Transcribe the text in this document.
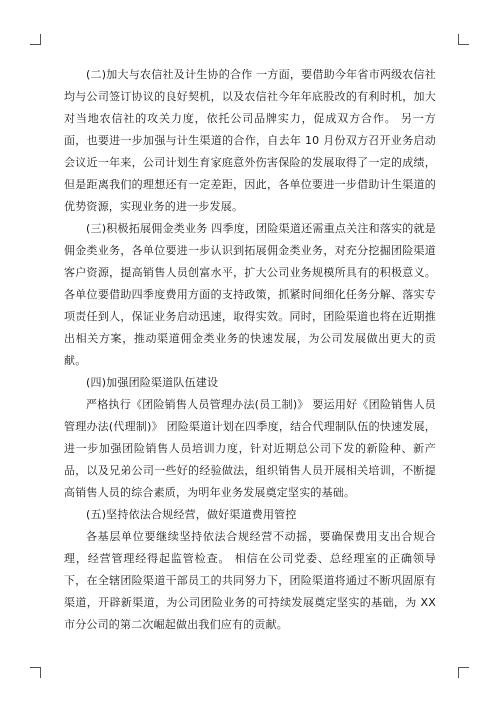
(二)加大与农信社及计生协的合作 一方面，要借助今年省市两级农信社均与公司签订协议的良好契机，以及农信社今年年底股改的有利时机，加大对当地农信社的攻关力度，依托公司品牌实力，促成双方合作。 另一方面，也要进一步加强与计生渠道的合作，自去年 10 月份双方召开业务启动会议近一年来，公司计划生育家庭意外伤害保险的发展取得了一定的成绩，但是距离我们的理想还有一定差距，因此，各单位要进一步借助计生渠道的优势资源，实现业务的进一步发展。

(三)积极拓展佣金类业务 四季度，团险渠道还需重点关注和落实的就是佣金类业务，各单位要进一步认识到拓展佣金类业务，对充分挖掘团险渠道客户资源，提高销售人员创富水平，扩大公司业务规模所具有的积极意义。 各单位要借助四季度费用方面的支持政策，抓紧时间细化任务分解、落实专项责任到人，保证业务启动迅速，取得实效。同时，团险渠道也将在近期推出相关方案，推动渠道佣金类业务的快速发展，为公司发展做出更大的贡献。

(四)加强团险渠道队伍建设

严格执行《团险销售人员管理办法(员工制)》 要运用好《团险销售人员管理办法(代理制)》 团险渠道计划在四季度，结合代理制队伍的快速发展，进一步加强团险销售人员培训力度，针对近期总公司下发的新险种、新产品，以及兄弟公司一些好的经验做法，组织销售人员开展相关培训，不断提高销售人员的综合素质，为明年业务发展奠定坚实的基础。

(五)坚持依法合规经营，做好渠道费用管控

各基层单位要继续坚持依法合规经营不动摇，要确保费用支出合规合理，经营管理经得起监管检查。 相信在公司党委、总经理室的正确领导下，在全辖团险渠道干部员工的共同努力下，团险渠道将通过不断巩固原有渠道，开辟新渠道，为公司团险业务的可持续发展奠定坚实的基础，为 XX 市分公司的第二次崛起做出我们应有的贡献。
